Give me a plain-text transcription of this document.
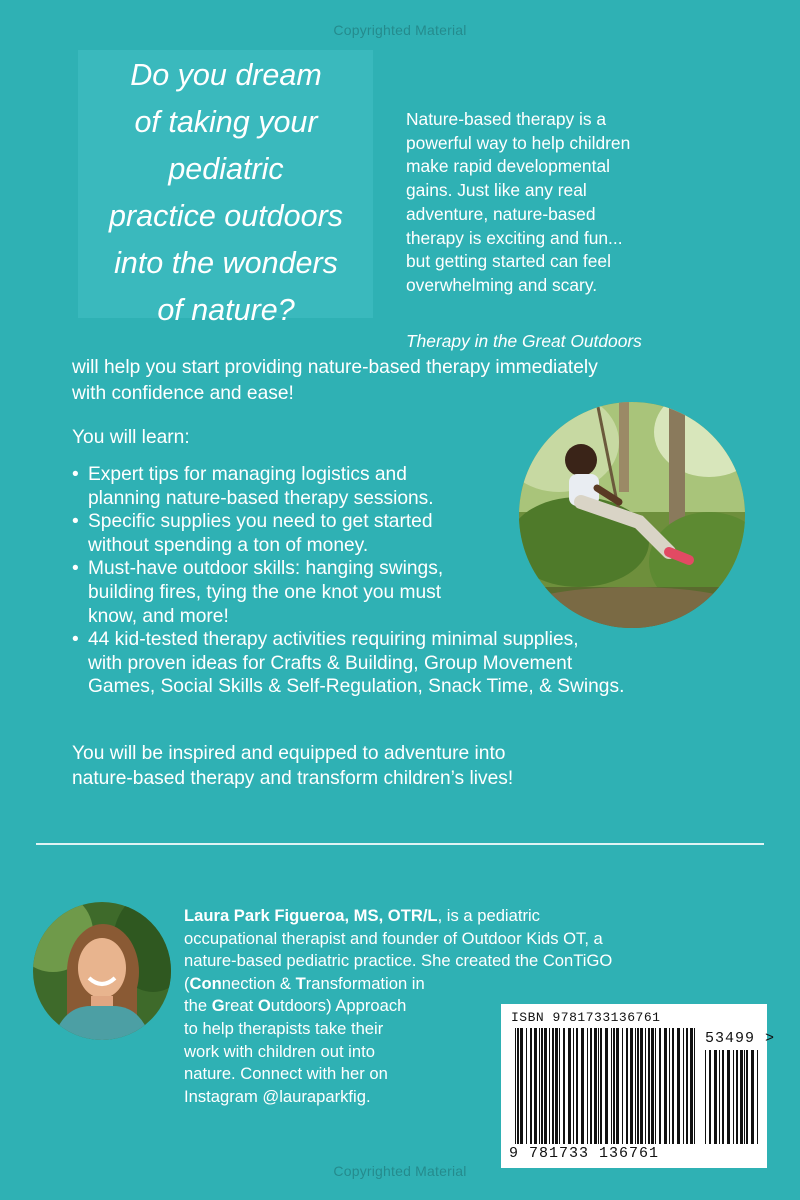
Copyrighted Material
Do you dream
of taking your
pediatric
practice outdoors
into the wonders
of nature?
Nature-based therapy is a
powerful way to help children
make rapid developmental
gains. Just like any real
adventure, nature-based
therapy is exciting and fun...
but getting started can feel
overwhelming and scary.
Therapy in the Great Outdoors
will help you start providing nature-based therapy immediately
with confidence and ease!
You will learn:
• Expert tips for managing logistics and
planning nature-based therapy sessions.
• Specific supplies you need to get started
without spending a ton of money.
• Must-have outdoor skills: hanging swings,
building fires, tying the one knot you must
know, and more!
• 44 kid-tested therapy activities requiring minimal supplies,
with proven ideas for Crafts & Building, Group Movement
Games, Social Skills & Self-Regulation, Snack Time, & Swings.
You will be inspired and equipped to adventure into
nature-based therapy and transform children’s lives!
Laura Park Figueroa, MS, OTR/L, is a pediatric
occupational therapist and founder of Outdoor Kids OT, a
nature-based pediatric practice. She created the ConTiGO
(Connection & Transformation in
the Great Outdoors) Approach
to help therapists take their
work with children out into
nature. Connect with her on
Instagram @lauraparkfig.
ISBN 9781733136761
53499 >
9 781733 136761
Copyrighted Material
